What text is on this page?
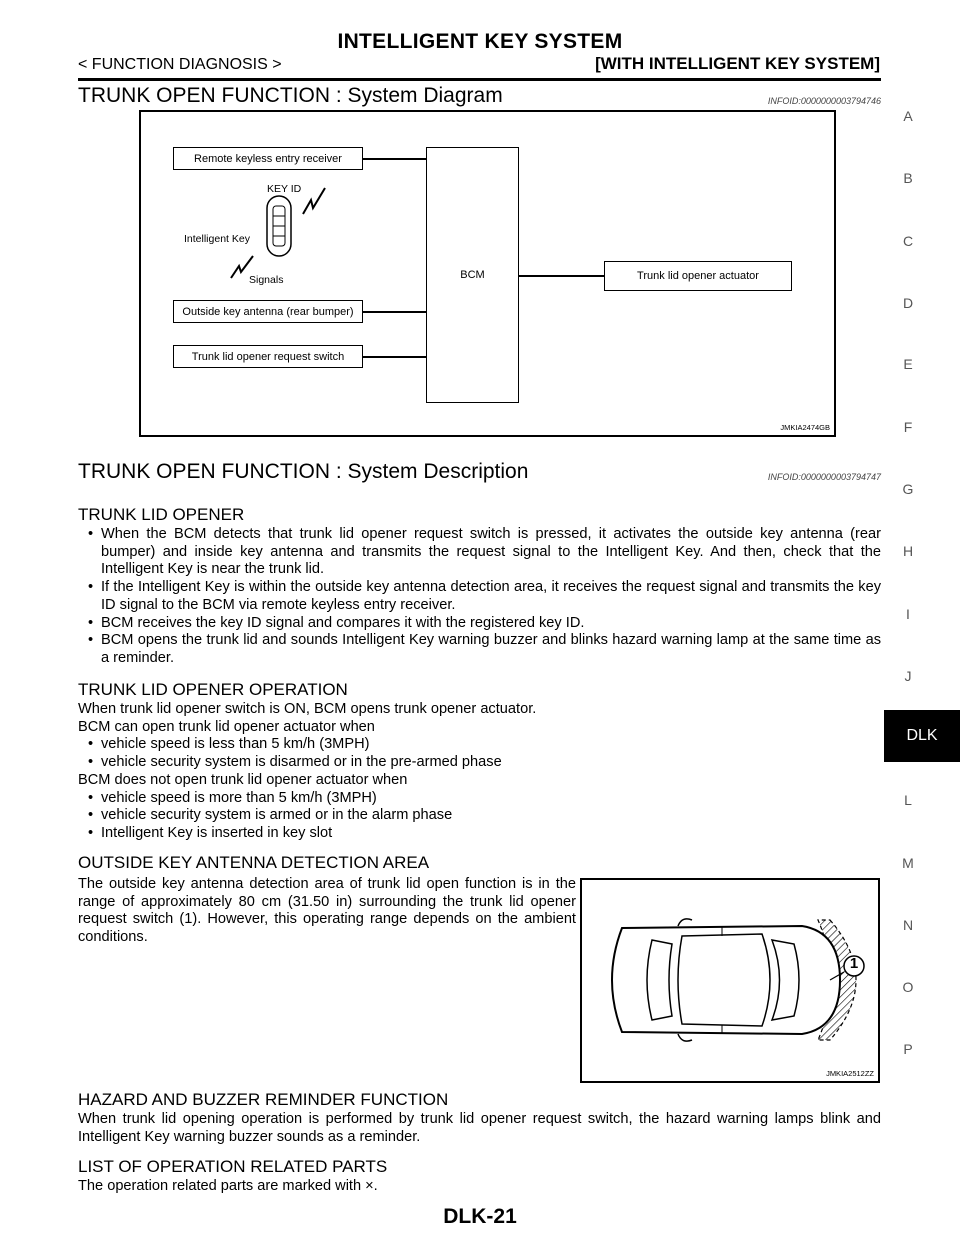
INTELLIGENT KEY SYSTEM
< FUNCTION DIAGNOSIS >	[WITH INTELLIGENT KEY SYSTEM]
TRUNK OPEN FUNCTION : System Diagram	INFOID:0000000003794746
Remote keyless entry receiver
BCM	Trunk lid opener actuator
Outside key antenna (rear bumper)
Trunk lid opener request switch
KEY ID
Intelligent Key
Signals
JMKIA2474GB
TRUNK OPEN FUNCTION : System Description	INFOID:0000000003794747
TRUNK LID OPENER

• When the BCM detects that trunk lid opener request switch is pressed, it activates the outside key antenna (rear bumper) and inside key antenna and transmits the request signal to the Intelligent Key. And then, check that the Intelligent Key is near the trunk lid.

• If the Intelligent Key is within the outside key antenna detection area, it receives the request signal and transmits the key ID signal to the BCM via remote keyless entry receiver.

• BCM receives the key ID signal and compares it with the registered key ID.

• BCM opens the trunk lid and sounds Intelligent Key warning buzzer and blinks hazard warning lamp at the same time as a reminder.

TRUNK LID OPENER OPERATION

When trunk lid opener switch is ON, BCM opens trunk opener actuator.

BCM can open trunk lid opener actuator when

• vehicle speed is less than 5 km/h (3MPH)

• vehicle security system is disarmed or in the pre-armed phase

BCM does not open trunk lid opener actuator when

• vehicle speed is more than 5 km/h (3MPH)

• vehicle security system is armed or in the alarm phase

• Intelligent Key is inserted in key slot

OUTSIDE KEY ANTENNA DETECTION AREA
The outside key antenna detection area of trunk lid open function is in the range of approximately 80 cm (31.50 in) surrounding the trunk lid opener request switch (1). However, this operating range depends on the ambient conditions.
1
JMKIA2512ZZ
HAZARD AND BUZZER REMINDER FUNCTION
When trunk lid opening operation is performed by trunk lid opener request switch, the hazard warning lamps blink and Intelligent Key warning buzzer sounds as a reminder.
LIST OF OPERATION RELATED PARTS
The operation related parts are marked with ×.
A
B
C
D
E
F
G
H
I
J
DLK
L
M
N
O
P
DLK-21
